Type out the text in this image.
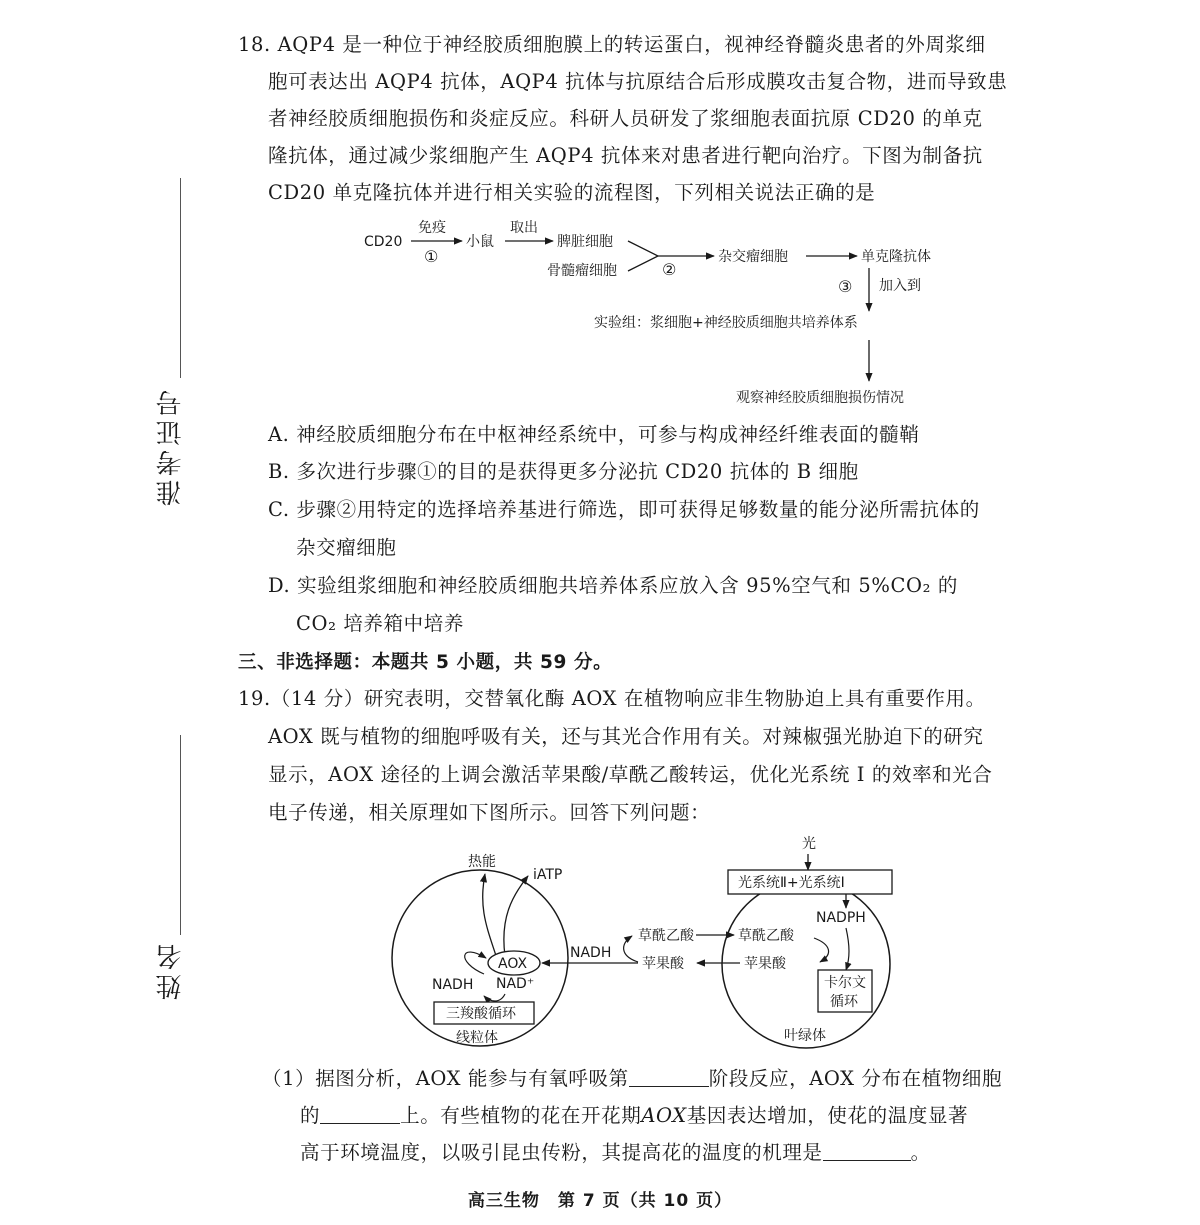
准考证号
姓名
18. AQP4 是一种位于神经胶质细胞膜上的转运蛋白，视神经脊髓炎患者的外周浆细
胞可表达出 AQP4 抗体，AQP4 抗体与抗原结合后形成膜攻击复合物，进而导致患
者神经胶质细胞损伤和炎症反应。科研人员研发了浆细胞表面抗原 CD20 的单克
隆抗体，通过减少浆细胞产生 AQP4 抗体来对患者进行靶向治疗。下图为制备抗
CD20 单克隆抗体并进行相关实验的流程图，下列相关说法正确的是
CD20
免疫
①
小鼠
取出
脾脏细胞
骨髓瘤细胞	②
杂交瘤细胞	单克隆抗体
③ 加入到
实验组：浆细胞+神经胶质细胞共培养体系
观察神经胶质细胞损伤情况
A. 神经胶质细胞分布在中枢神经系统中，可参与构成神经纤维表面的髓鞘
B. 多次进行步骤①的目的是获得更多分泌抗 CD20 抗体的 B 细胞
C. 步骤②用特定的选择培养基进行筛选，即可获得足够数量的能分泌所需抗体的
杂交瘤细胞
D. 实验组浆细胞和神经胶质细胞共培养体系应放入含 95%空气和 5%CO₂ 的
CO₂ 培养箱中培养
三、非选择题：本题共 5 小题，共 59 分。
19.（14 分）研究表明，交替氧化酶 AOX 在植物响应非生物胁迫上具有重要作用。
AOX 既与植物的细胞呼吸有关，还与其光合作用有关。对辣椒强光胁迫下的研究
显示，AOX 途径的上调会激活苹果酸/草酰乙酸转运，优化光系统 I 的效率和光合
电子传递，相关原理如下图所示。回答下列问题：
热能
iATP
AOX
NADH NAD⁺
三羧酸循环
线粒体
NADH
草酰乙酸
苹果酸
光
光系统Ⅱ+光系统Ⅰ
NADPH
草酰乙酸
苹果酸
卡尔文
循环
叶绿体
（1）据图分析，AOX 能参与有氧呼吸第	阶段反应，AOX 分布在植物细胞
的	上。有些植物的花在开花期AOX基因表达增加，使花的温度显著
高于环境温度，以吸引昆虫传粉，其提高花的温度的机理是	。
高三生物　第 7 页（共 10 页）
